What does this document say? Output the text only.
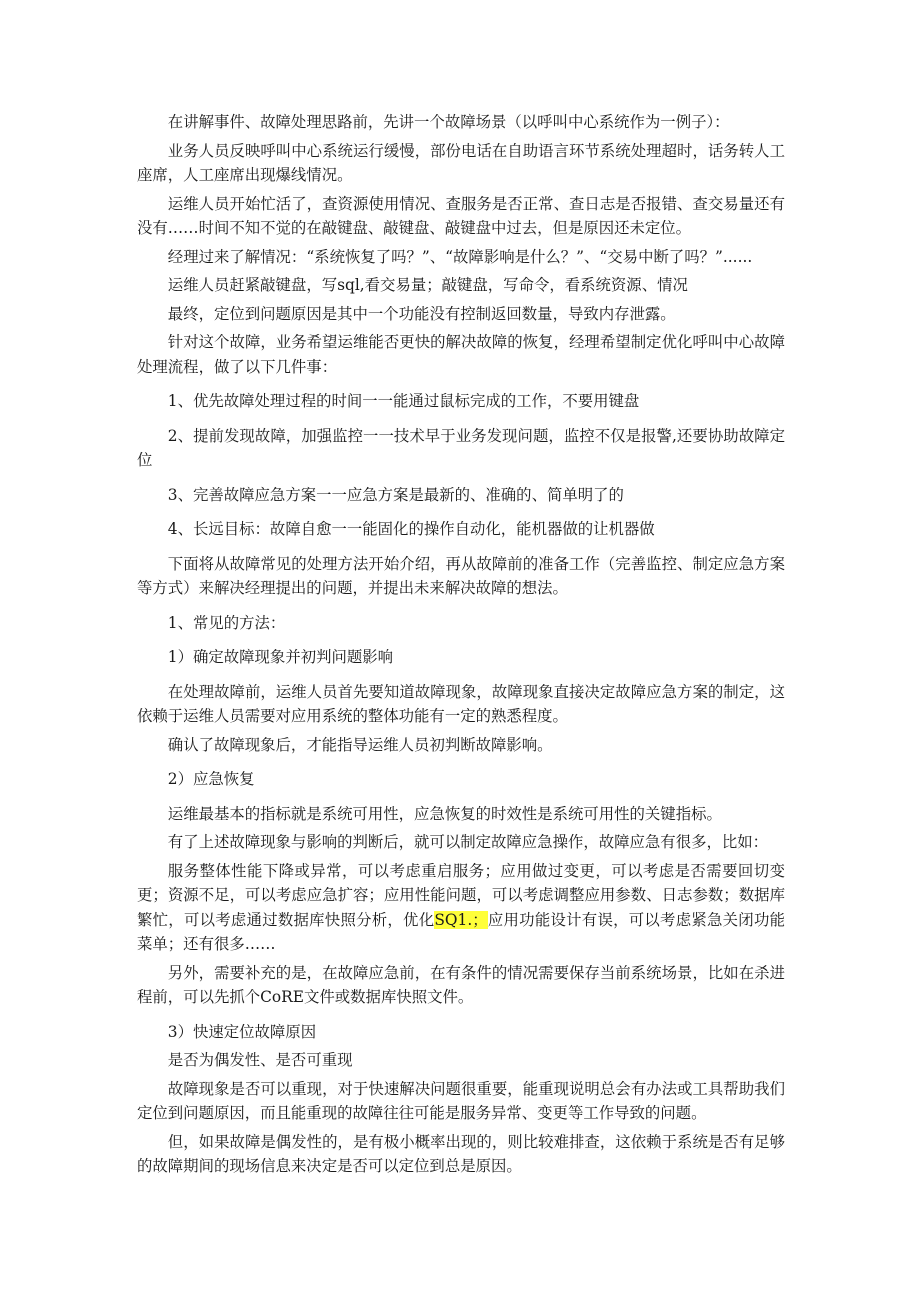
在讲解事件、故障处理思路前，先讲一个故障场景（以呼叫中心系统作为一例子）：

业务人员反映呼叫中心系统运行缓慢，部份电话在自助语言环节系统处理超时，话务转人工座席，人工座席出现爆线情况。

运维人员开始忙活了，查资源使用情况、查服务是否正常、查日志是否报错、查交易量还有没有……时间不知不觉的在敲键盘、敲键盘、敲键盘中过去，但是原因还未定位。

经理过来了解情况：“系统恢复了吗？”、“故障影响是什么？”、“交易中断了吗？”......

运维人员赶紧敲键盘，写sql,看交易量；敲键盘，写命令，看系统资源、情况

最终，定位到问题原因是其中一个功能没有控制返回数量，导致内存泄露。

针对这个故障，业务希望运维能否更快的解决故障的恢复，经理希望制定优化呼叫中心故障处理流程，做了以下几件事：

1、优先故障处理过程的时间一一能通过鼠标完成的工作，不要用键盘

2、提前发现故障，加强监控一一技术早于业务发现问题，监控不仅是报警,还要协助故障定位

3、完善故障应急方案一一应急方案是最新的、准确的、简单明了的

4、长远目标：故障自愈一一能固化的操作自动化，能机器做的让机器做

下面将从故障常见的处理方法开始介绍，再从故障前的准备工作（完善监控、制定应急方案等方式）来解决经理提出的问题，并提出未来解决故障的想法。

1、常见的方法：

1）确定故障现象并初判问题影响

在处理故障前，运维人员首先要知道故障现象，故障现象直接决定故障应急方案的制定，这依赖于运维人员需要对应用系统的整体功能有一定的熟悉程度。

确认了故障现象后，才能指导运维人员初判断故障影响。

2）应急恢复

运维最基本的指标就是系统可用性，应急恢复的时效性是系统可用性的关键指标。

有了上述故障现象与影响的判断后，就可以制定故障应急操作，故障应急有很多，比如：

服务整体性能下降或异常，可以考虑重启服务；应用做过变更，可以考虑是否需要回切变更；资源不足，可以考虑应急扩容；应用性能问题，可以考虑调整应用参数、日志参数；数据库繁忙，可以考虑通过数据库快照分析，优化SQ1.；应用功能设计有误，可以考虑紧急关闭功能菜单；还有很多……

另外，需要补充的是，在故障应急前，在有条件的情况需要保存当前系统场景，比如在杀进程前，可以先抓个CoRE文件或数据库快照文件。

3）快速定位故障原因

是否为偶发性、是否可重现

故障现象是否可以重现，对于快速解决问题很重要，能重现说明总会有办法或工具帮助我们定位到问题原因，而且能重现的故障往往可能是服务异常、变更等工作导致的问题。

但，如果故障是偶发性的，是有极小概率出现的，则比较难排查，这依赖于系统是否有足够的故障期间的现场信息来决定是否可以定位到总是原因。
